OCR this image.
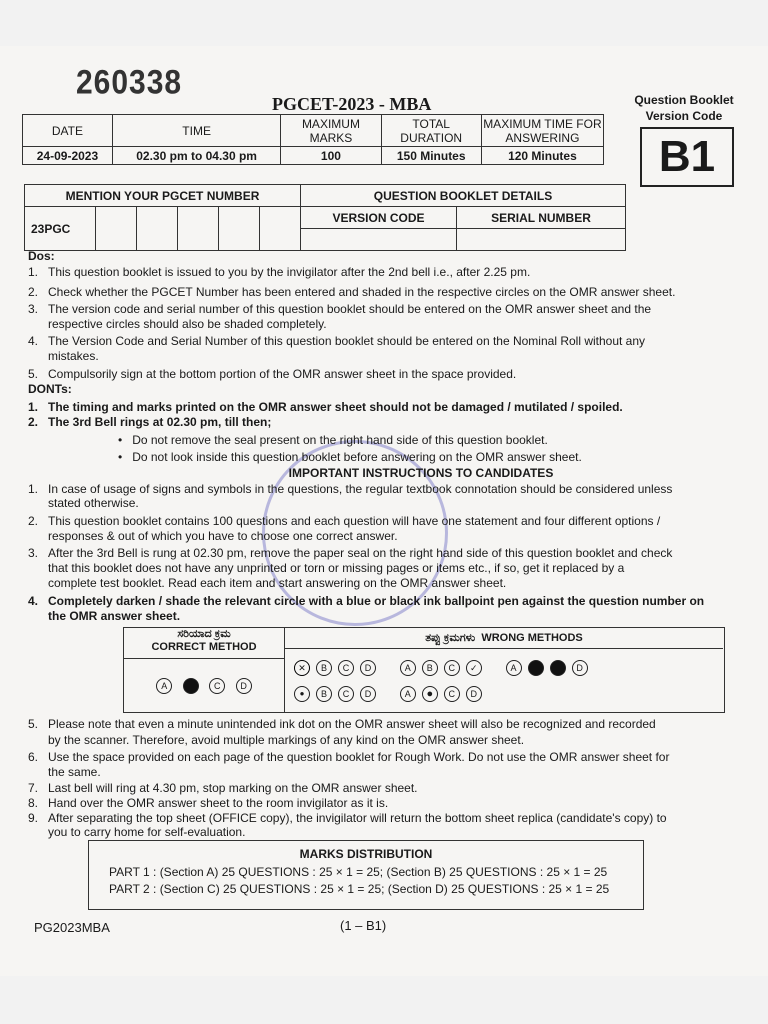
260338
PGCET-2023 - MBA	Question Booklet Version Code
B1
DATE	TIME	MAXIMUM MARKS	TOTAL DURATION	MAXIMUM TIME FOR ANSWERING
24-09-2023	02.30 pm to 04.30 pm	100	150 Minutes	120 Minutes
MENTION YOUR PGCET NUMBER						QUESTION BOOKLET DETAILS	
23PGC						VERSION CODE	SERIAL NUMBER

Dos:
1. This question booklet is issued to you by the invigilator after the 2nd bell i.e., after 2.25 pm.
2. Check whether the PGCET Number has been entered and shaded in the respective circles on the OMR answer sheet.
3. The version code and serial number of this question booklet should be entered on the OMR answer sheet and the
respective circles should also be shaded completely.
4. The Version Code and Serial Number of this question booklet should be entered on the Nominal Roll without any
mistakes.
5. Compulsorily sign at the bottom portion of the OMR answer sheet in the space provided.
DONTs:
1. The timing and marks printed on the OMR answer sheet should not be damaged / mutilated / spoiled.
2. The 3rd Bell rings at 02.30 pm, till then;
•   Do not remove the seal present on the right hand side of this question booklet.
•   Do not look inside this question booklet before answering on the OMR answer sheet.
IMPORTANT INSTRUCTIONS TO CANDIDATES
1. In case of usage of signs and symbols in the questions, the regular textbook connotation should be considered unless
stated otherwise.
2. This question booklet contains 100 questions and each question will have one statement and four different options /
responses & out of which you have to choose one correct answer.
3. After the 3rd Bell is rung at 02.30 pm, remove the paper seal on the right hand side of this question booklet and check
that this booklet does not have any unprinted or torn or missing pages or items etc., if so, get it replaced by a
complete test booklet. Read each item and start answering on the OMR answer sheet.
4. Completely darken / shade the relevant circle with a blue or black ink ballpoint pen against the question number on
the OMR answer sheet.
ಸರಿಯಾದ ಕ್ರಮ
CORRECT METHOD
A	C D
ತಪ್ಪು ಕ್ರಮಗಳು WRONG METHODS
✕ B C D	A B C ✓	A	D
● B C D	A ● C D
5. Please note that even a minute unintended ink dot on the OMR answer sheet will also be recognized and recorded
by the scanner. Therefore, avoid multiple markings of any kind on the OMR answer sheet.
6. Use the space provided on each page of the question booklet for Rough Work. Do not use the OMR answer sheet for
the same.
7. Last bell will ring at 4.30 pm, stop marking on the OMR answer sheet.
8. Hand over the OMR answer sheet to the room invigilator as it is.
9. After separating the top sheet (OFFICE copy), the invigilator will return the bottom sheet replica (candidate's copy) to
you to carry home for self-evaluation.
MARKS DISTRIBUTION
PART 1 : (Section A) 25 QUESTIONS : 25 × 1 = 25; (Section B) 25 QUESTIONS : 25 × 1 = 25
PART 2 : (Section C) 25 QUESTIONS : 25 × 1 = 25; (Section D) 25 QUESTIONS : 25 × 1 = 25
PG2023MBA	(1 – B1)
